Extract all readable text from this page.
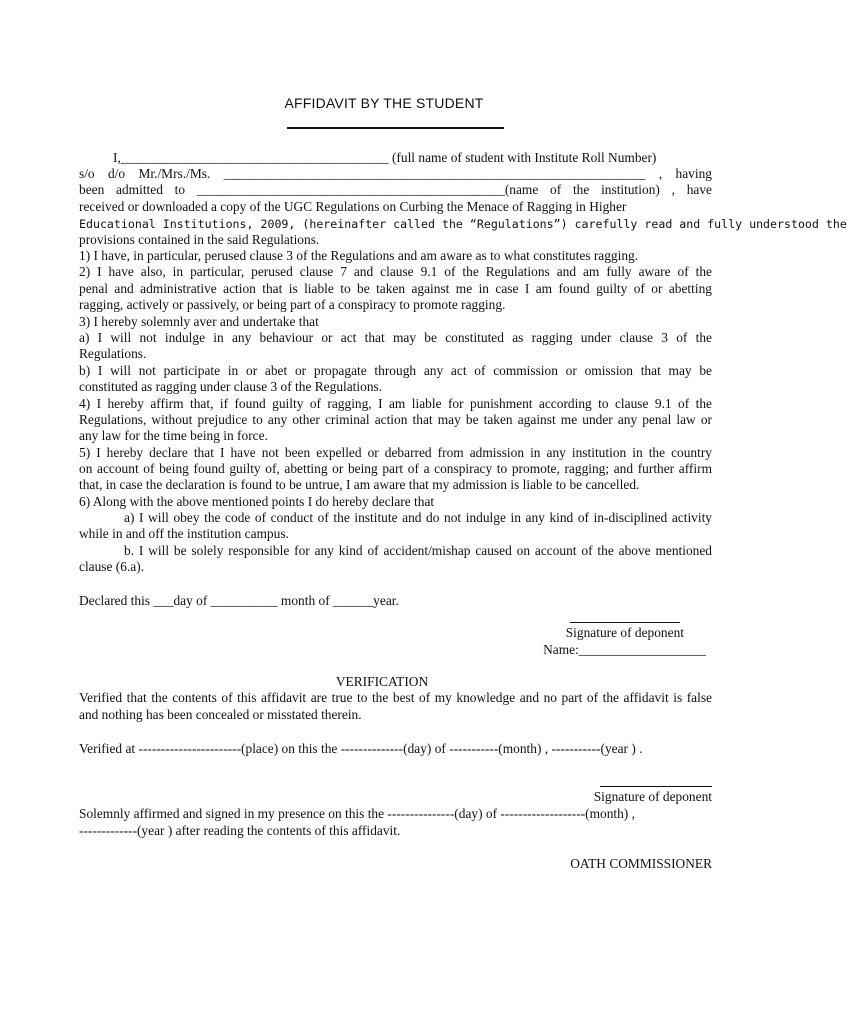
AFFIDAVIT BY THE STUDENT
I,________________________________________ (full name of student with Institute Roll Number)
s/o d/o Mr./Mrs./Ms. _______________________________________________________________ , having
been admitted to ______________________________________________(name of the institution) , have
received or downloaded a copy of the UGC Regulations on Curbing the Menace of Ragging in Higher
Educational Institutions, 2009, (hereinafter called the “Regulations”) carefully read and fully understood the
provisions contained in the said Regulations.
1) I have, in particular, perused clause 3 of the Regulations and am aware as to what constitutes ragging.
2) I have also, in particular, perused clause 7 and clause 9.1 of the Regulations and am fully aware of the
penal and administrative action that is liable to be taken against me in case I am found guilty of or abetting
ragging, actively or passively, or being part of a conspiracy to promote ragging.
3) I hereby solemnly aver and undertake that
a) I will not indulge in any behaviour or act that may be constituted as ragging under clause 3 of the
Regulations.
b) I will not participate in or abet or propagate through any act of commission or omission that may be
constituted as ragging under clause 3 of the Regulations.
4) I hereby affirm that, if found guilty of ragging, I am liable for punishment according to clause 9.1 of the
Regulations, without prejudice to any other criminal action that may be taken against me under any penal law or
any law for the time being in force.
5) I hereby declare that I have not been expelled or debarred from admission in any institution in the country
on account of being found guilty of, abetting or being part of a conspiracy to promote, ragging; and further affirm
that, in case the declaration is found to be untrue, I am aware that my admission is liable to be cancelled.
6) Along with the above mentioned points I do hereby declare that
a) I will obey the code of conduct of the institute and do not indulge in any kind of in-disciplined activity
while in and off the institution campus.
b. I will be solely responsible for any kind of accident/mishap caused on account of the above mentioned
clause (6.a).
Declared this ___day of __________ month of ______year.
Signature of deponent
Name:___________________
VERIFICATION
Verified that the contents of this affidavit are true to the best of my knowledge and no part of the affidavit is false
and nothing has been concealed or misstated therein.
Verified at -----------------------(place) on this the --------------(day) of -----------(month) , -----------(year ) .
Signature of deponent
Solemnly affirmed and signed in my presence on this the ---------------(day) of -------------------(month) ,
-------------(year ) after reading the contents of this affidavit.
OATH COMMISSIONER
